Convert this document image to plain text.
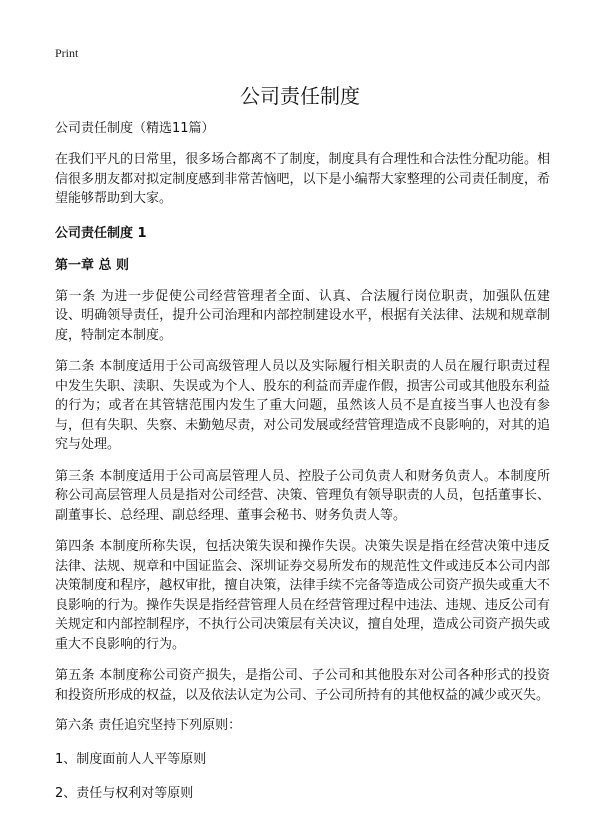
Print
公司责任制度
公司责任制度（精选11篇）
在我们平凡的日常里，很多场合都离不了制度，制度具有合理性和合法性分配功能。相信很多朋友都对拟定制度感到非常苦恼吧，以下是小编帮大家整理的公司责任制度，希望能够帮助到大家。
公司责任制度 1
第一章 总 则
第一条 为进一步促使公司经营管理者全面、认真、合法履行岗位职责，加强队伍建设、明确领导责任，提升公司治理和内部控制建设水平，根据有关法律、法规和规章制度，特制定本制度。
第二条 本制度适用于公司高级管理人员以及实际履行相关职责的人员在履行职责过程中发生失职、渎职、失误或为个人、股东的利益而弄虚作假，损害公司或其他股东利益的行为；或者在其管辖范围内发生了重大问题，虽然该人员不是直接当事人也没有参与，但有失职、失察、未勤勉尽责，对公司发展或经营管理造成不良影响的，对其的追究与处理。
第三条 本制度适用于公司高层管理人员、控股子公司负责人和财务负责人。本制度所称公司高层管理人员是指对公司经营、决策、管理负有领导职责的人员，包括董事长、副董事长、总经理、副总经理、董事会秘书、财务负责人等。
第四条 本制度所称失误，包括决策失误和操作失误。决策失误是指在经营决策中违反法律、法规、规章和中国证监会、深圳证券交易所发布的规范性文件或违反本公司内部决策制度和程序，越权审批，擅自决策，法律手续不完备等造成公司资产损失或重大不良影响的行为。操作失误是指经营管理人员在经营管理过程中违法、违规、违反公司有关规定和内部控制程序，不执行公司决策层有关决议，擅自处理，造成公司资产损失或重大不良影响的行为。
第五条 本制度称公司资产损失，是指公司、子公司和其他股东对公司各种形式的投资和投资所形成的权益，以及依法认定为公司、子公司所持有的其他权益的减少或灭失。
第六条 责任追究坚持下列原则：
1、制度面前人人平等原则
2、责任与权利对等原则
